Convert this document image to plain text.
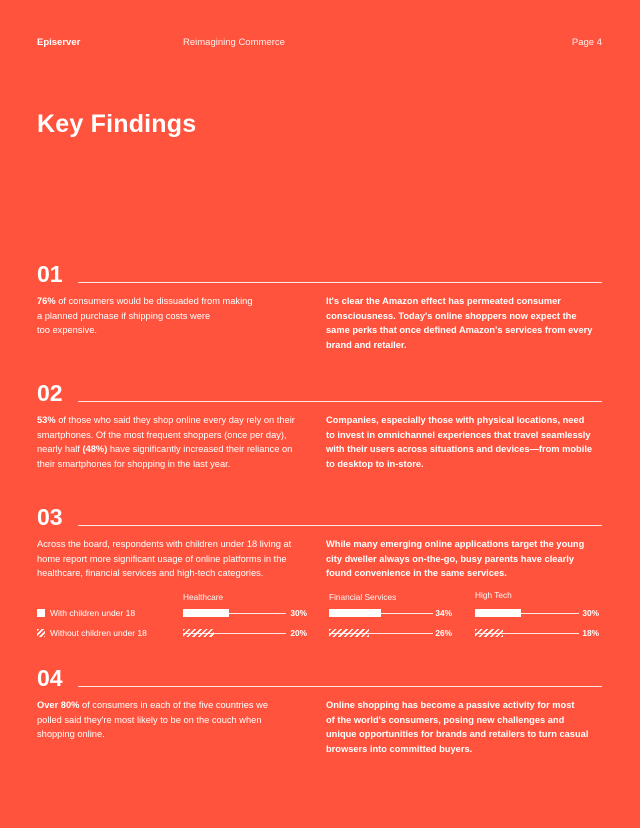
Episerver	Reimagining Commerce	Page 4
Key Findings
01
76% of consumers would be dissuaded from making
a planned purchase if shipping costs were
too expensive.
It's clear the Amazon effect has permeated consumer
consciousness. Today's online shoppers now expect the
same perks that once defined Amazon's services from every
brand and retailer.
02
53% of those who said they shop online every day rely on their
smartphones. Of the most frequent shoppers (once per day),
nearly half (48%) have significantly increased their reliance on
their smartphones for shopping in the last year.
Companies, especially those with physical locations, need
to invest in omnichannel experiences that travel seamlessly
with their users across situations and devices—from mobile
to desktop to in-store.
03
Across the board, respondents with children under 18 living at
home report more significant usage of online platforms in the
healthcare, financial services and high-tech categories.
While many emerging online applications target the young
city dweller always on-the-go, busy parents have clearly
found convenience in the same services.
With children under 18
Without children under 18
Healthcare
30%
20%
Financial Services
34%
26%
High Tech
30%
18%
04
Over 80% of consumers in each of the five countries we
polled said they're most likely to be on the couch when
shopping online.
Online shopping has become a passive activity for most
of the world's consumers, posing new challenges and
unique opportunities for brands and retailers to turn casual
browsers into committed buyers.
